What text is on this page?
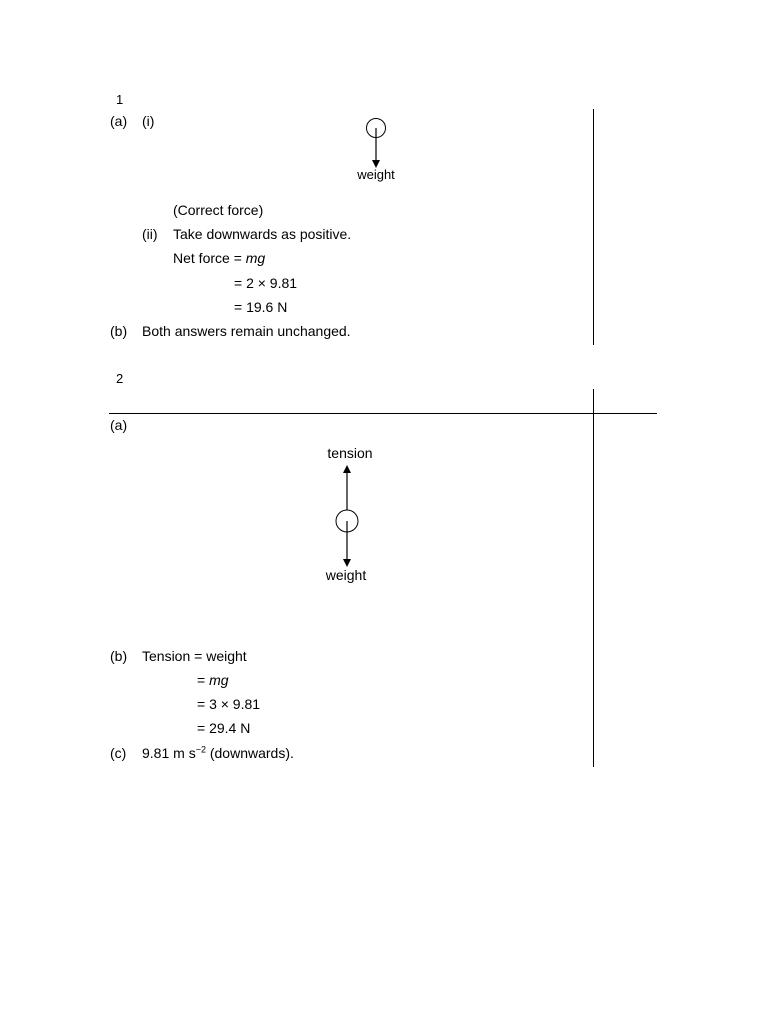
1
(a) (i)
weight
(Correct force)
(ii) Take downwards as positive.
Net force = mg
= 2 × 9.81
= 19.6 N
(b) Both answers remain unchanged.
2
(a)
tension
weight
(b) Tension = weight
= mg
= 3 × 9.81
= 29.4 N
(c) 9.81 m $s^{-2}$ (downwards).
